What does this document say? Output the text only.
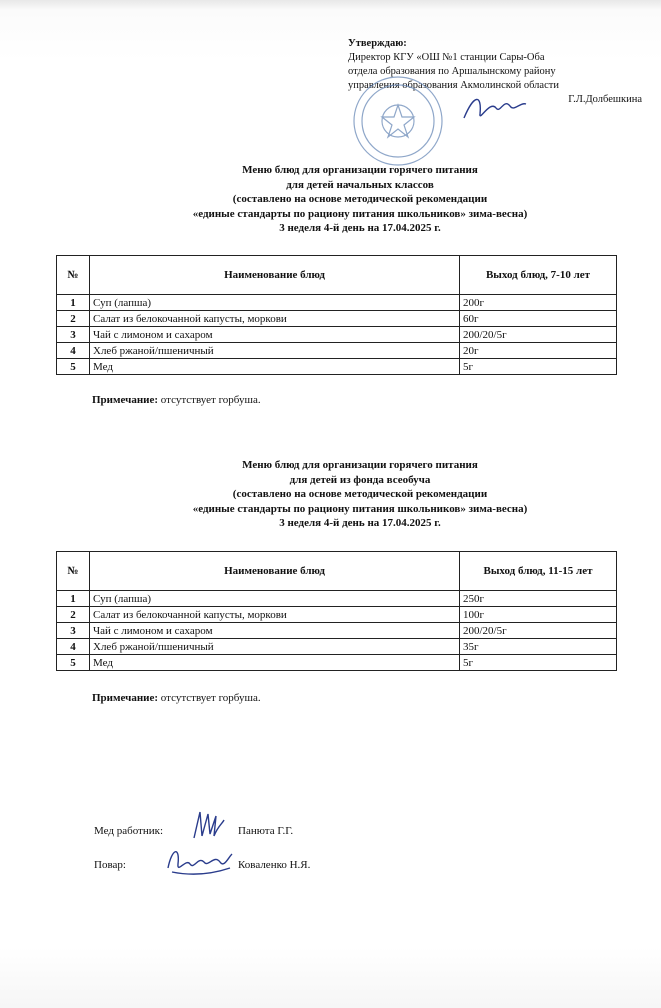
Утверждаю:
Директор КГУ «ОШ №1 станции Сары-Оба
отдела образования по Аршалынскому району
управления образования Акмолинской области
Г.Л.Долбешкина
Меню блюд для организации горячего питания
для детей начальных классов
(составлено на основе методической рекомендации
«единые стандарты по рациону питания школьников» зима-весна)
3 неделя 4-й день на 17.04.2025 г.
№	Наименование блюд	Выход блюд, 7-10 лет
1	Суп (лапша)	200г
2	Салат из белокочанной капусты, моркови	60г
3	Чай с лимоном и сахаром	200/20/5г
4	Хлеб ржаной/пшеничный	20г
5	Мед	5г
Примечание: отсутствует горбуша.
Меню блюд для организации горячего питания
для детей из фонда всеобуча
(составлено на основе методической рекомендации
«единые стандарты по рациону питания школьников» зима-весна)
3 неделя 4-й день на 17.04.2025 г.
№	Наименование блюд	Выход блюд, 11-15 лет
1	Суп (лапша)	250г
2	Салат из белокочанной капусты, моркови	100г
3	Чай с лимоном и сахаром	200/20/5г
4	Хлеб ржаной/пшеничный	35г
5	Мед	5г
Примечание: отсутствует горбуша.
Мед работник:	Панюта Г.Г.
Повар:	Коваленко Н.Я.
